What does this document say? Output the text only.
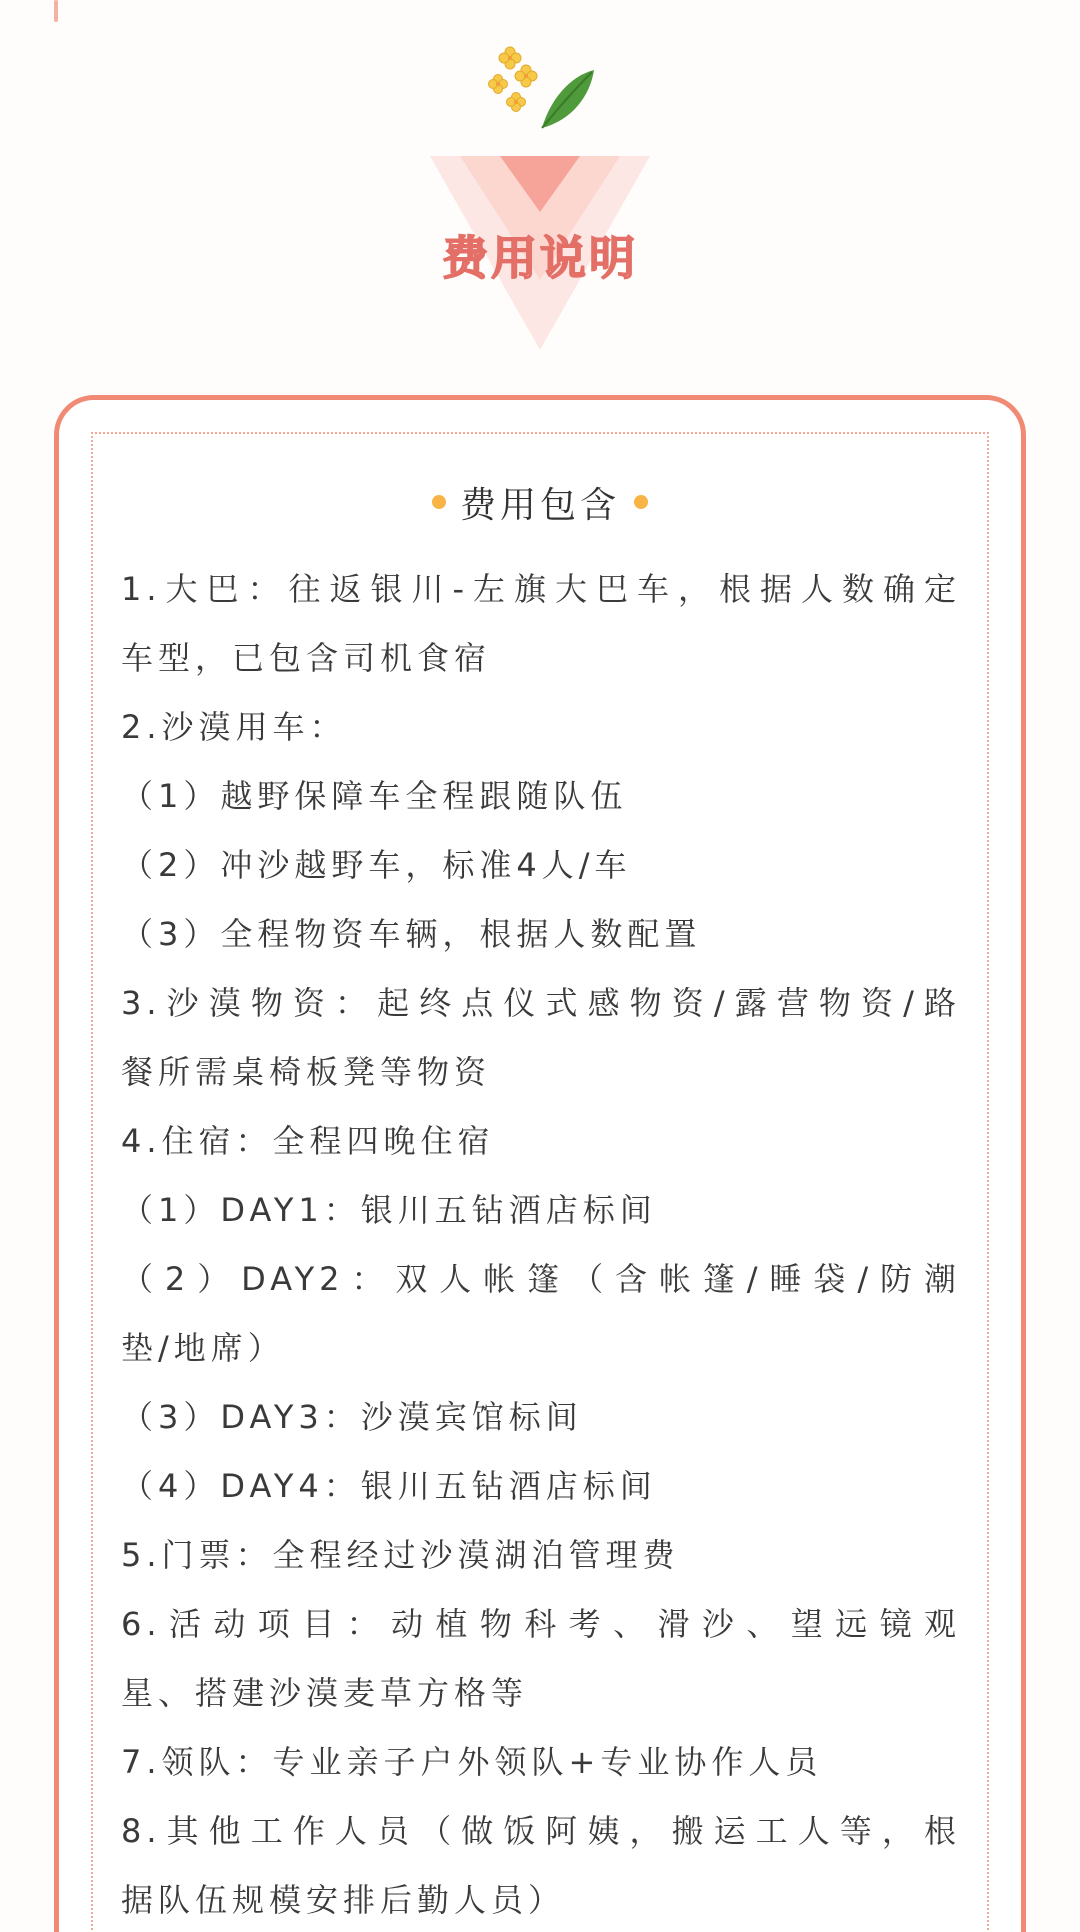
费用说明
费用包含
1.大巴：往返银川-左旗大巴车，根据人数确定
车型，已包含司机食宿
2.沙漠用车：
（1）越野保障车全程跟随队伍
（2）冲沙越野车，标准4人/车
（3）全程物资车辆，根据人数配置
3.沙漠物资：起终点仪式感物资/露营物资/路
餐所需桌椅板凳等物资
4.住宿：全程四晚住宿
（1）DAY1：银川五钻酒店标间
（2）DAY2：双人帐篷（含帐篷/睡袋/防潮
垫/地席）
（3）DAY3：沙漠宾馆标间
（4）DAY4：银川五钻酒店标间
5.门票：全程经过沙漠湖泊管理费
6.活动项目：动植物科考、滑沙、望远镜观
星、搭建沙漠麦草方格等
7.领队：专业亲子户外领队+专业协作人员
8.其他工作人员（做饭阿姨，搬运工人等，根
据队伍规模安排后勤人员）
